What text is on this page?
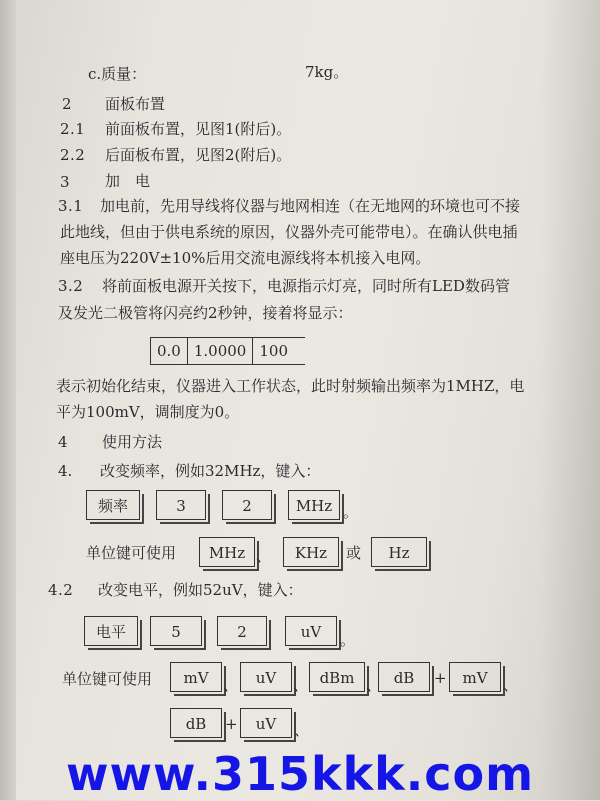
c.质量：	7kg。
2 面板布置
2.1 前面板布置，见图1(附后)。
2.2 后面板布置，见图2(附后)。
3 加　电
3.1 加电前，先用导线将仪器与地网相连（在无地网的环境也可不接
此地线，但由于供电系统的原因，仪器外壳可能带电）。在确认供电插
座电压为220V±10%后用交流电源线将本机接入电网。
3.2 将前面板电源开关按下，电源指示灯亮，同时所有LED数码管
及发光二极管将闪亮约2秒钟，接着将显示：
0.0 1.0000 100
表示初始化结束，仪器进入工作状态，此时射频输出频率为1MHZ，电
平为100mV，调制度为0。
4 使用方法
4. 改变频率，例如32MHz，键入：
频率	3	2	MHz 。
单位键可使用	MHz 、	KHz	或	Hz
4.2 改变电平，例如52uV，键入：
电平	5	2	uV	。
单位键可使用	mV 、	uV	、 dBm 、 dB	+	mV	、
dB	+	uV	、
www.315kkk.com
